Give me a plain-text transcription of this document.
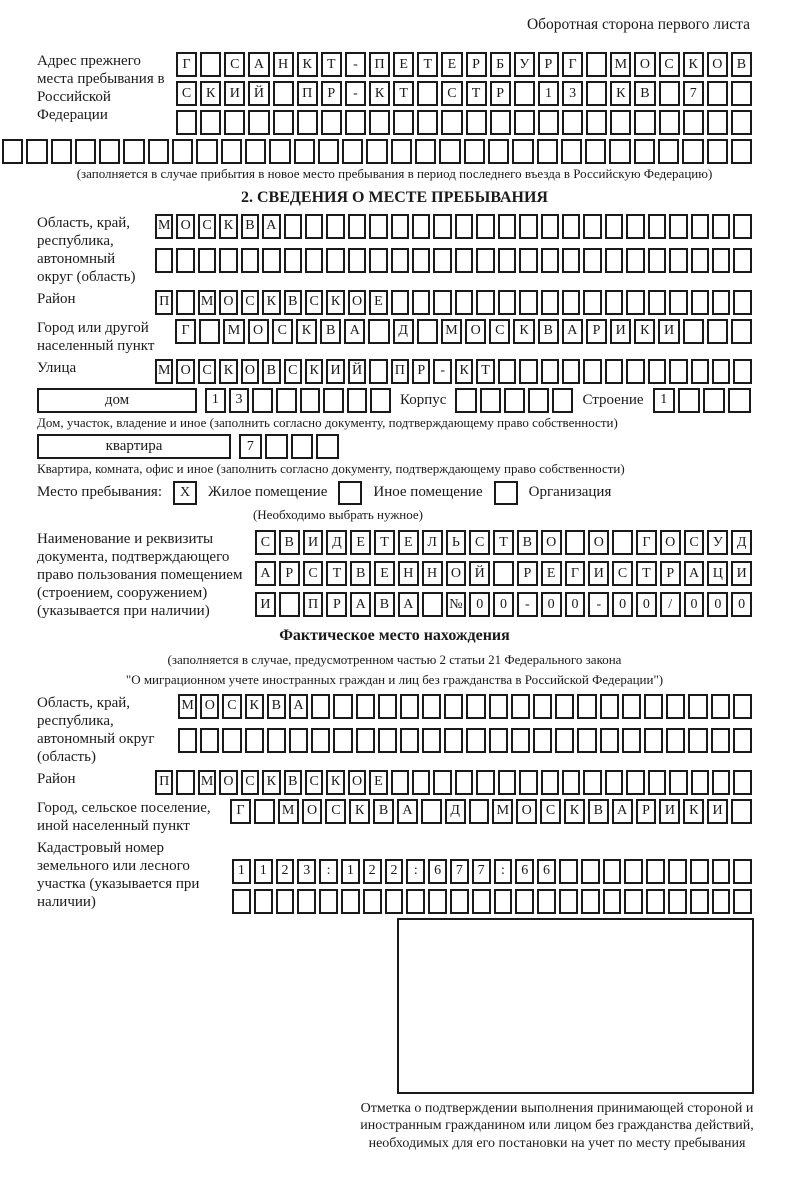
Оборотная сторона первого листа
Адрес прежнего места пребывания в Российской Федерации
Г	С	А	Н	К	Т	-	П	Е	Т	Е	Р	Б	У	Р	Г	М О	С	К	О	В
С	К	И	Й	П	Р	-	К	Т	С	Т	Р	1	3	К	В	7
(заполняется в случае прибытия в новое место пребывания в период последнего въезда в Российскую Федерацию)
2. СВЕДЕНИЯ О МЕСТЕ ПРЕБЫВАНИЯ
Область, край, республика, автономный округ (область)
М О С К В А
Район	П М О С К В С К О Е
Город или другой населенный пункт
Г	М О	С	К	В	А	Д	М О	С	К	В	А	Р	И	К	И
Улица	М О С К О В С К И Й П Р	-	К Т
дом	1	3	Корпус	Строение	1
Дом, участок, владение и иное (заполнить согласно документу, подтверждающему право собственности)
квартира	7
Квартира, комната, офис и иное (заполнить согласно документу, подтверждающему право собственности)
Место пребывания:	X	Жилое помещение	Иное помещение	Организация
(Необходимо выбрать нужное)
Наименование и реквизиты документа, подтверждающего право пользования помещением (строением, сооружением) (указывается при наличии)
С	В	И Д	Е	Т	Е	Л	Ь	С	Т	В	О	О	Г	О	С	У	Д
А	Р	С	Т	В	Е	Н Н О Й	Р	Е	Г	И	С	Т	Р	А Ц И
И	П	Р	А	В	А	№ 0	0	-	0	0	-	0	0	/	0	0	0
Фактическое место нахождения
(заполняется в случае, предусмотренном частью 2 статьи 21 Федерального закона
"О миграционном учете иностранных граждан и лиц без гражданства в Российской Федерации")
Область, край, республика, автономный округ (область)
М О С К В А
Район	П М О С К В С К О Е
Город, сельское поселение, иной населенный пункт
Г	М О	С	К	В	А	Д	М О	С	К	В	А	Р	И	К	И
Кадастровый номер земельного или лесного участка (указывается при наличии)
1	1	2	3	:	1	2	2	:	6	7	7	:	6	6
Отметка о подтверждении выполнения принимающей стороной и иностранным гражданином или лицом без гражданства действий, необходимых для его постановки на учет по месту пребывания
